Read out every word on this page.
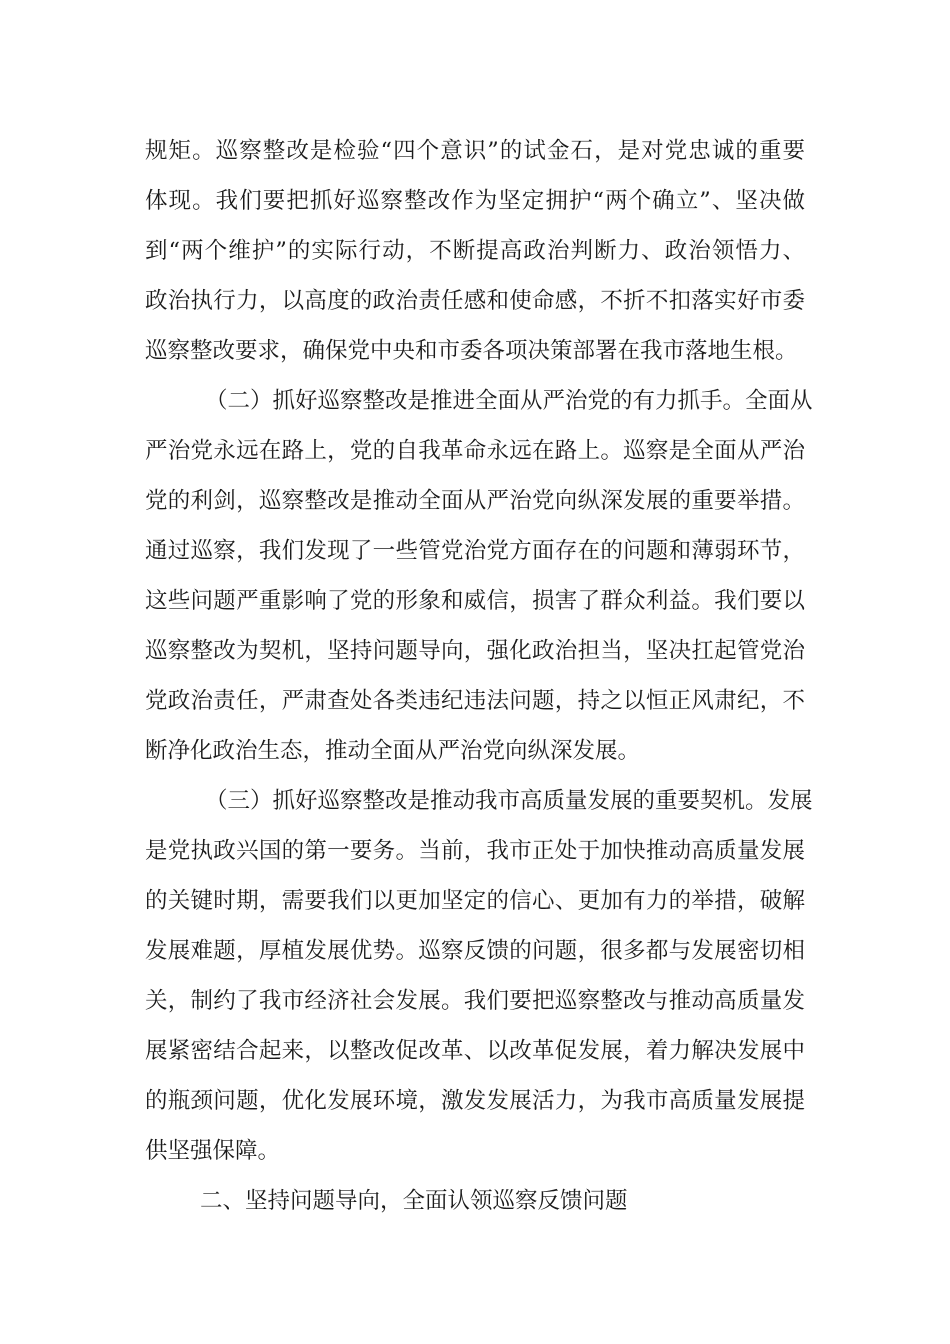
规矩。巡察整改是检验“四个意识”的试金石，是对党忠诚的重要
体现。我们要把抓好巡察整改作为坚定拥护“两个确立”、坚决做
到“两个维护”的实际行动，不断提高政治判断力、政治领悟力、
政治执行力，以高度的政治责任感和使命感，不折不扣落实好市委
巡察整改要求，确保党中央和市委各项决策部署在我市落地生根。
（二）抓好巡察整改是推进全面从严治党的有力抓手。全面从
严治党永远在路上，党的自我革命永远在路上。巡察是全面从严治
党的利剑，巡察整改是推动全面从严治党向纵深发展的重要举措。
通过巡察，我们发现了一些管党治党方面存在的问题和薄弱环节，
这些问题严重影响了党的形象和威信，损害了群众利益。我们要以
巡察整改为契机，坚持问题导向，强化政治担当，坚决扛起管党治
党政治责任，严肃查处各类违纪违法问题，持之以恒正风肃纪，不
断净化政治生态，推动全面从严治党向纵深发展。
（三）抓好巡察整改是推动我市高质量发展的重要契机。发展
是党执政兴国的第一要务。当前，我市正处于加快推动高质量发展
的关键时期，需要我们以更加坚定的信心、更加有力的举措，破解
发展难题，厚植发展优势。巡察反馈的问题，很多都与发展密切相
关，制约了我市经济社会发展。我们要把巡察整改与推动高质量发
展紧密结合起来，以整改促改革、以改革促发展，着力解决发展中
的瓶颈问题，优化发展环境，激发发展活力，为我市高质量发展提
供坚强保障。
二、坚持问题导向，全面认领巡察反馈问题
